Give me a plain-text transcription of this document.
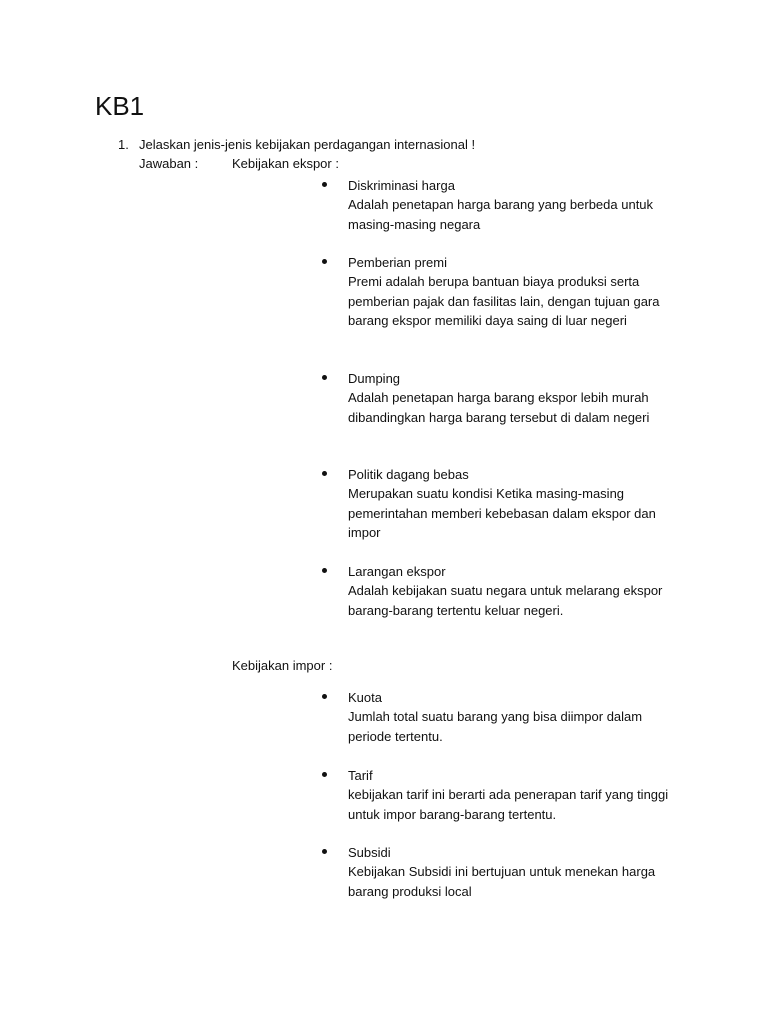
KB1
1. Jelaskan jenis-jenis kebijakan perdagangan internasional !
Jawaban :	Kebijakan ekspor :
Diskriminasi harga
Adalah penetapan harga barang yang berbeda untuk masing-masing negara
Pemberian premi
Premi adalah berupa bantuan biaya produksi serta pemberian pajak dan fasilitas lain, dengan tujuan gara barang ekspor memiliki daya saing di luar negeri
Dumping
Adalah penetapan harga barang ekspor lebih murah dibandingkan harga barang tersebut di dalam negeri
Politik dagang bebas
Merupakan suatu kondisi Ketika masing-masing pemerintahan memberi kebebasan dalam ekspor dan impor
Larangan ekspor
Adalah kebijakan suatu negara untuk melarang ekspor barang-barang tertentu keluar negeri.
Kebijakan impor :
Kuota
Jumlah total suatu barang yang bisa diimpor dalam periode tertentu.
Tarif
kebijakan tarif ini berarti ada penerapan tarif yang tinggi untuk impor barang-barang tertentu.
Subsidi
Kebijakan Subsidi ini bertujuan untuk menekan harga barang produksi local
